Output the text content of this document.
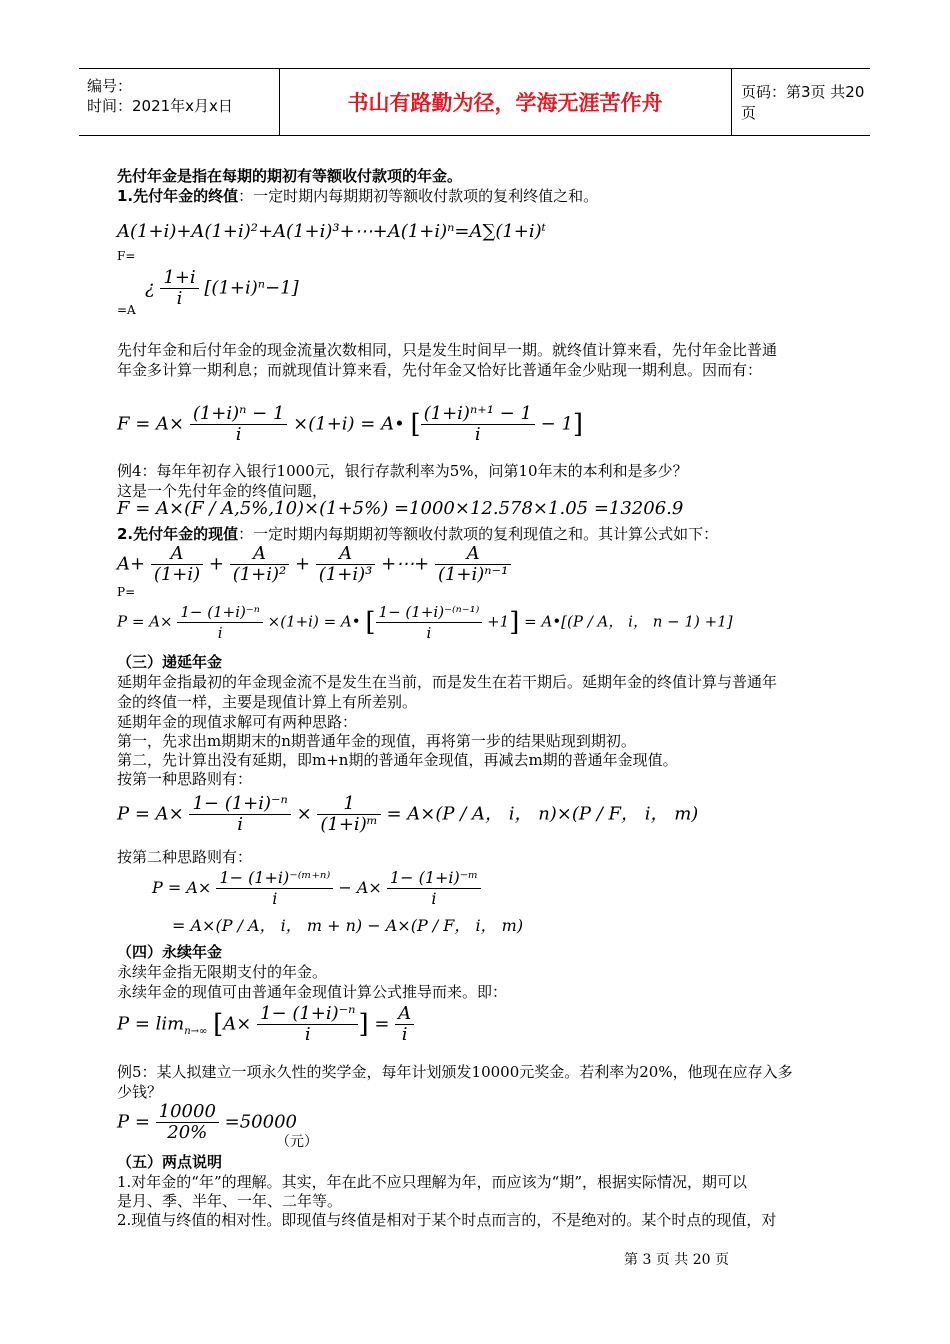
编号：
时间：2021年x月x日	书山有路勤为径，学海无涯苦作舟	页码：第3页 共20页
先付年金是指在每期的期初有等额收付款项的年金。
1.先付年金的终值：一定时期内每期期初等额收付款项的复利终值之和。
A(1+i)+A(1+i)²+A(1+i)³+⋯+A(1+i)ⁿ=A∑(1+i)ᵗ
F=
¿ $\frac{1+i}{i} [(1+i)^n-1]$
=A
先付年金和后付年金的现金流量次数相同，只是发生时间早一期。就终值计算来看，先付年金比普通
年金多计算一期利息；而就现值计算来看，先付年金又恰好比普通年金少贴现一期利息。因而有：
$F = A\times \frac{\text{(1+i)ⁿ − 1}}{i} \times(1+i)$ = A• [ $\frac{\text{(1+i)ⁿ⁺¹ − 1}}{i} - 1$]
例4：每年年初存入银行1000元，银行存款利率为5%，问第10年末的本利和是多少？
这是一个先付年金的终值问题，
F = A×(F / A,5%,10)×(1+5%) =1000×12.578×1.05 =13206.9
2.先付年金的现值：一定时期内每期期初等额收付款项的复利现值之和。其计算公式如下：
$A+ \frac{A}{(1+i)} + \frac{A}{\text{(1+i)²}} + \frac{A}{\text{(1+i)³}}$ +⋯+ $\frac{A}{\text{(1+i)ⁿ⁻¹}}$
P=
$P = A\times \frac{\text{1− (1+i)⁻ⁿ}}{i} \times(1+i)$ = A• [ $\frac{\text{1− (1+i)⁻⁽ⁿ⁻¹⁾}}{i} +1$] = A•[(P / A， i， n − 1) +1]
（三）递延年金
延期年金指最初的年金现金流不是发生在当前，而是发生在若干期后。延期年金的终值计算与普通年
金的终值一样，主要是现值计算上有所差别。
延期年金的现值求解可有两种思路：
第一，先求出m期期末的n期普通年金的现值，再将第一步的结果贴现到期初。
第二，先计算出没有延期，即m+n期的普通年金现值，再减去m期的普通年金现值。
按第一种思路则有：
$P = A\times \frac{\text{1− (1+i)⁻ⁿ}}{i} \times \frac{1}{\text{(1+i)ᵐ}} = A\times(P / A$， i， n)×(P / F， i， m)
按第二种思路则有：
$P = A\times \frac{\text{1− (1+i)⁻⁽ᵐ⁺ⁿ⁾}}{i} - A\times \frac{\text{1− (1+i)⁻ᵐ}}{i}$
= A×(P / A， i， m + n) − A×(P / F， i， m)
（四）永续年金
永续年金指无限期支付的年金。
永续年金的现值可由普通年金现值计算公式推导而来。即：
$P = \lim_{n\to\infty} [A\times \frac{\text{1− (1+i)⁻ⁿ}}{i}$ ] = $\frac{A}{i}$
例5：某人拟建立一项永久性的奖学金，每年计划颁发10000元奖金。若利率为20%，他现在应存入多
少钱？
$P = \frac{10000}{20\%} =50000$
（元）
（五）两点说明
1.对年金的“年”的理解。其实，年在此不应只理解为年，而应该为“期”，根据实际情况，期可以
是月、季、半年、一年、二年等。
2.现值与终值的相对性。即现值与终值是相对于某个时点而言的，不是绝对的。某个时点的现值，对
第 3 页 共 20 页
